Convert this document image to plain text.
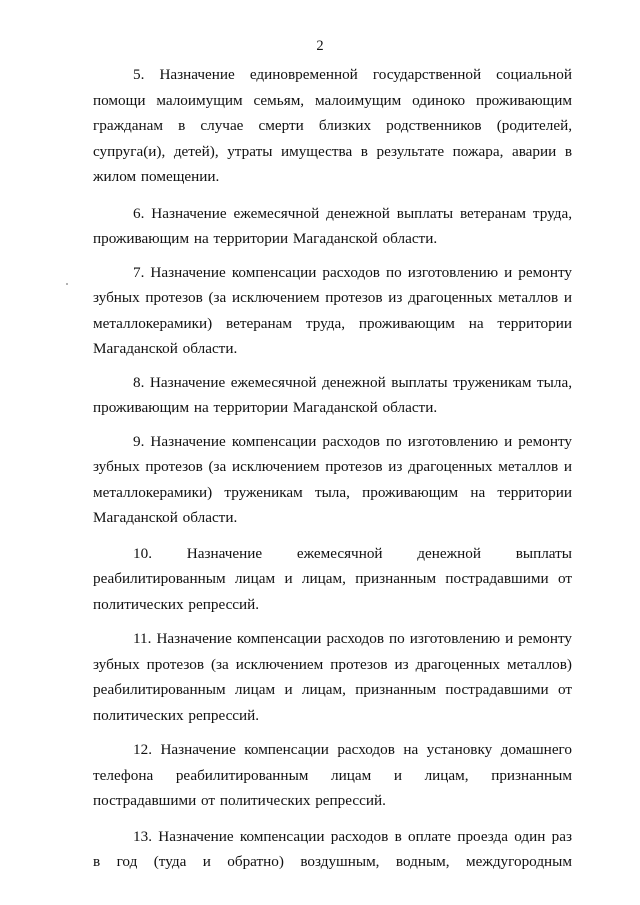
2

5. Назначение единовременной государственной социальной помощи малоимущим семьям, малоимущим одиноко проживающим гражданам в случае смерти близких родственников (родителей, супруга(и), детей), утраты имущества в результате пожара, аварии в жилом помещении.

6. Назначение ежемесячной денежной выплаты ветеранам труда, проживающим на территории Магаданской области.

7. Назначение компенсации расходов по изготовлению и ремонту зубных протезов (за исключением протезов из драгоценных металлов и металлокерамики) ветеранам труда, проживающим на территории Магаданской области.

8. Назначение ежемесячной денежной выплаты труженикам тыла, проживающим на территории Магаданской области.

9. Назначение компенсации расходов по изготовлению и ремонту зубных протезов (за исключением протезов из драгоценных металлов и металлокерамики) труженикам тыла, проживающим на территории Магаданской области.

10. Назначение ежемесячной денежной выплаты реабилитированным лицам и лицам, признанным пострадавшими от политических репрессий.

11. Назначение компенсации расходов по изготовлению и ремонту зубных протезов (за исключением протезов из драгоценных металлов) реабилитированным лицам и лицам, признанным пострадавшими от политических репрессий.

12. Назначение компенсации расходов на установку домашнего телефона реабилитированным лицам и лицам, признанным пострадавшими от политических репрессий.

13. Назначение компенсации расходов в оплате проезда один раз в год (туда и обратно) воздушным, водным, междугородным
